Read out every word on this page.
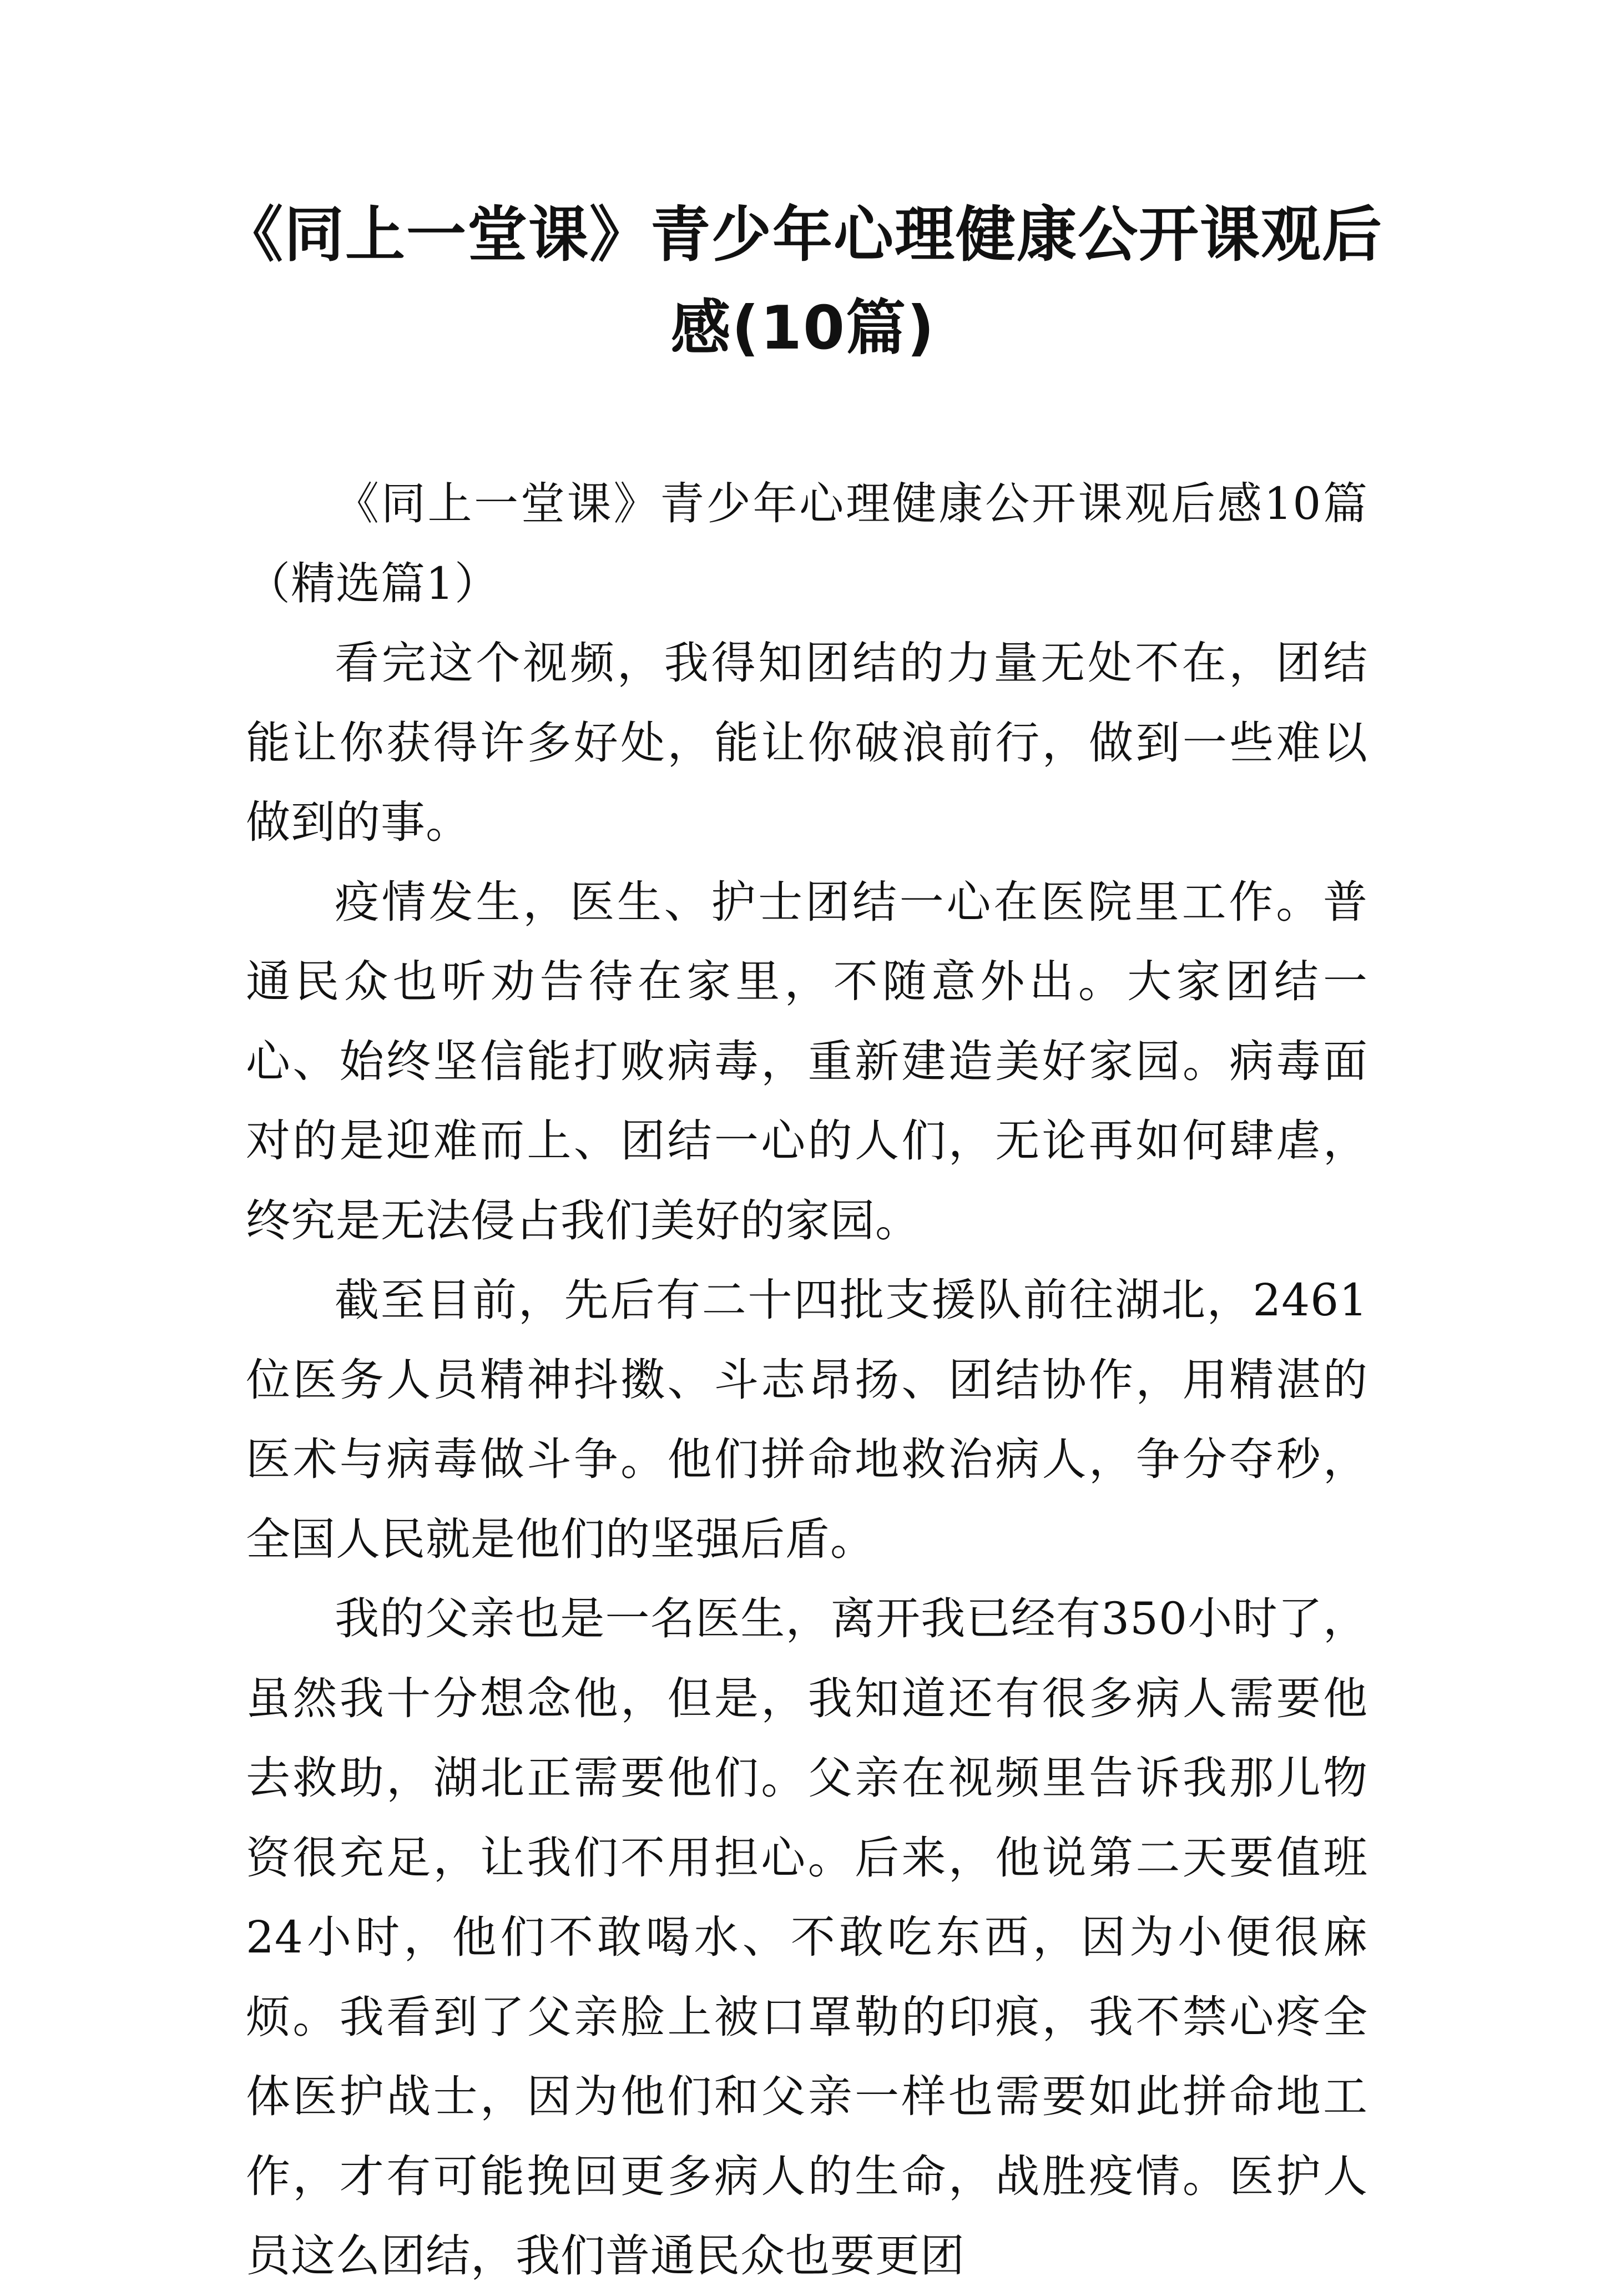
《同上一堂课》青少年心理健康公开课观后感(10篇)

《同上一堂课》青少年心理健康公开课观后感10篇（精选篇1）

看完这个视频，我得知团结的力量无处不在，团结能让你获得许多好处，能让你破浪前行，做到一些难以做到的事。

疫情发生，医生、护士团结一心在医院里工作。普通民众也听劝告待在家里，不随意外出。大家团结一心、始终坚信能打败病毒，重新建造美好家园。病毒面对的是迎难而上、团结一心的人们，无论再如何肆虐，终究是无法侵占我们美好的家园。

截至目前，先后有二十四批支援队前往湖北，2461位医务人员精神抖擞、斗志昂扬、团结协作，用精湛的医术与病毒做斗争。他们拼命地救治病人，争分夺秒，全国人民就是他们的坚强后盾。

我的父亲也是一名医生，离开我已经有350小时了，虽然我十分想念他，但是，我知道还有很多病人需要他去救助，湖北正需要他们。父亲在视频里告诉我那儿物资很充足，让我们不用担心。后来，他说第二天要值班24小时，他们不敢喝水、不敢吃东西，因为小便很麻烦。我看到了父亲脸上被口罩勒的印痕，我不禁心疼全体医护战士，因为他们和父亲一样也需要如此拼命地工作，才有可能挽回更多病人的生命，战胜疫情。医护人员这么团结，我们普通民众也要更团
